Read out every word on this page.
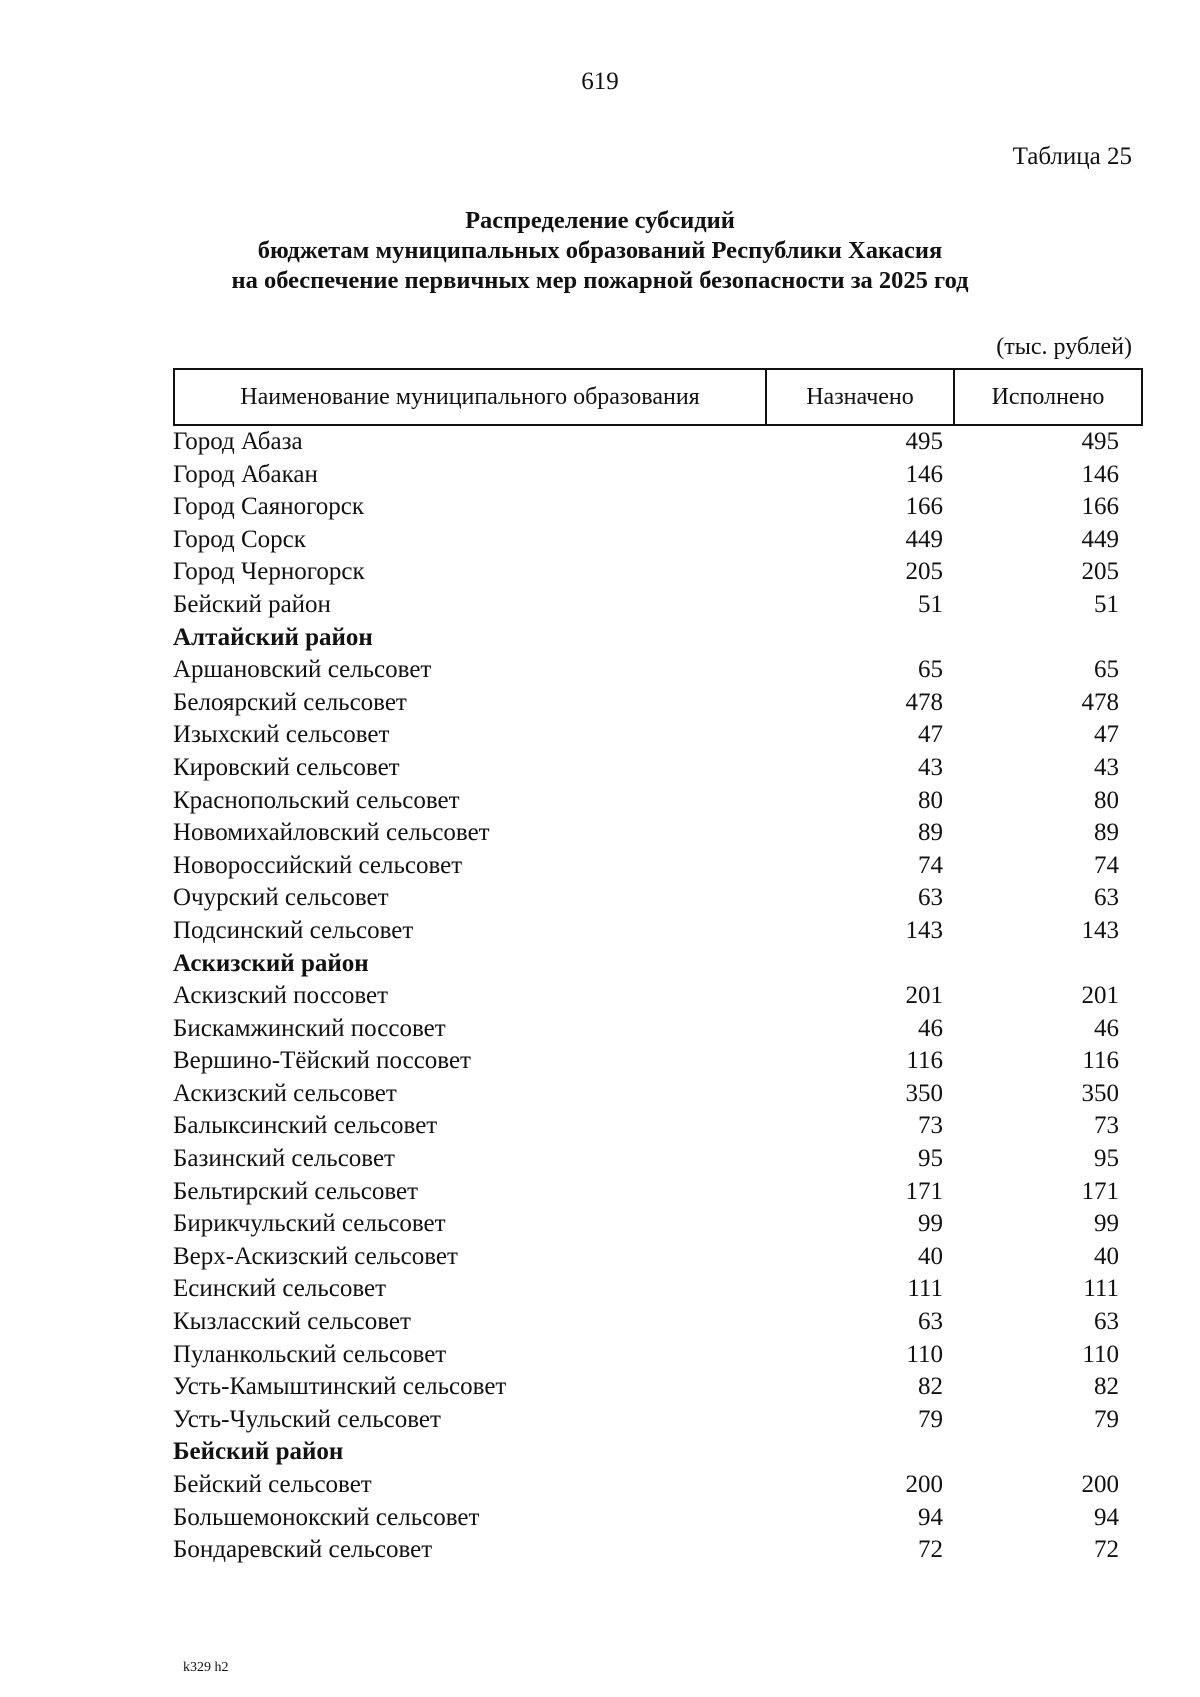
619
Таблица 25
Распределение субсидий
бюджетам муниципальных образований Республики Хакасия
на обеспечение первичных мер пожарной безопасности за 2025 год
(тыс. рублей)
Наименование муниципального образования	Назначено	Исполнено
Город Абаза	495	495
Город Абакан	146	146
Город Саяногорск	166	166
Город Сорск	449	449
Город Черногорск	205	205
Бейский район	51	51
Алтайский район
Аршановский сельсовет	65	65
Белоярский сельсовет	478	478
Изыхский сельсовет	47	47
Кировский сельсовет	43	43
Краснопольский сельсовет	80	80
Новомихайловский сельсовет	89	89
Новороссийский сельсовет	74	74
Очурский сельсовет	63	63
Подсинский сельсовет	143	143
Аскизский район
Аскизский поссовет	201	201
Бискамжинский поссовет	46	46
Вершино-Тёйский поссовет	116	116
Аскизский сельсовет	350	350
Балыксинский сельсовет	73	73
Базинский сельсовет	95	95
Бельтирский сельсовет	171	171
Бирикчульский сельсовет	99	99
Верх-Аскизский сельсовет	40	40
Есинский сельсовет	111	111
Кызласский сельсовет	63	63
Пуланкольский сельсовет	110	110
Усть-Камыштинский сельсовет	82	82
Усть-Чульский сельсовет	79	79
Бейский район
Бейский сельсовет	200	200
Большемонокский сельсовет	94	94
Бондаревский сельсовет	72	72
k329 h2
